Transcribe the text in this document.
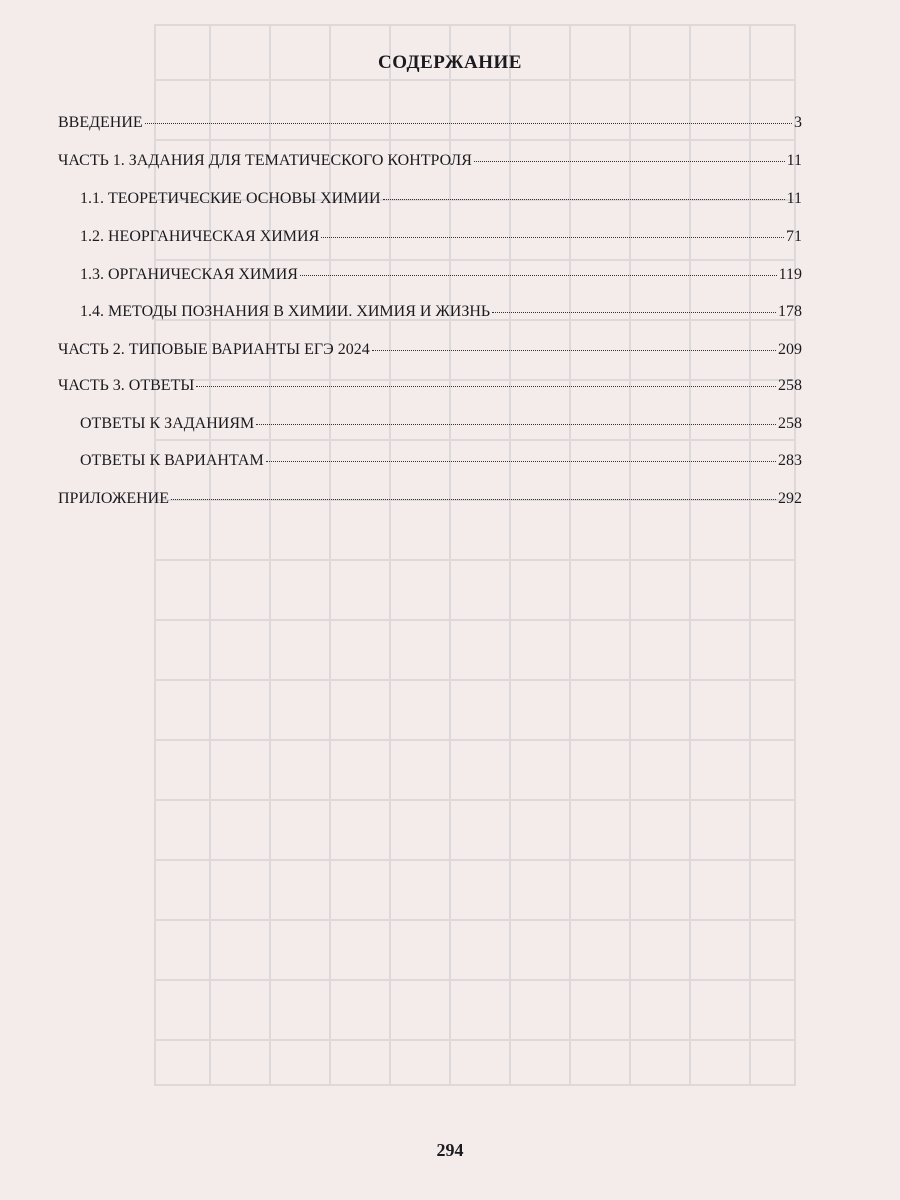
СОДЕРЖАНИЕ
ВВЕДЕНИЕ	3
ЧАСТЬ 1. ЗАДАНИЯ ДЛЯ ТЕМАТИЧЕСКОГО КОНТРОЛЯ	11
1.1. ТЕОРЕТИЧЕСКИЕ ОСНОВЫ ХИМИИ	11
1.2. НЕОРГАНИЧЕСКАЯ ХИМИЯ	71
1.3. ОРГАНИЧЕСКАЯ ХИМИЯ	119
1.4. МЕТОДЫ ПОЗНАНИЯ В ХИМИИ. ХИМИЯ И ЖИЗНЬ	178
ЧАСТЬ 2. ТИПОВЫЕ ВАРИАНТЫ ЕГЭ 2024	209
ЧАСТЬ 3. ОТВЕТЫ	258
ОТВЕТЫ К ЗАДАНИЯМ	258
ОТВЕТЫ К ВАРИАНТАМ	283
ПРИЛОЖЕНИЕ	292
294
